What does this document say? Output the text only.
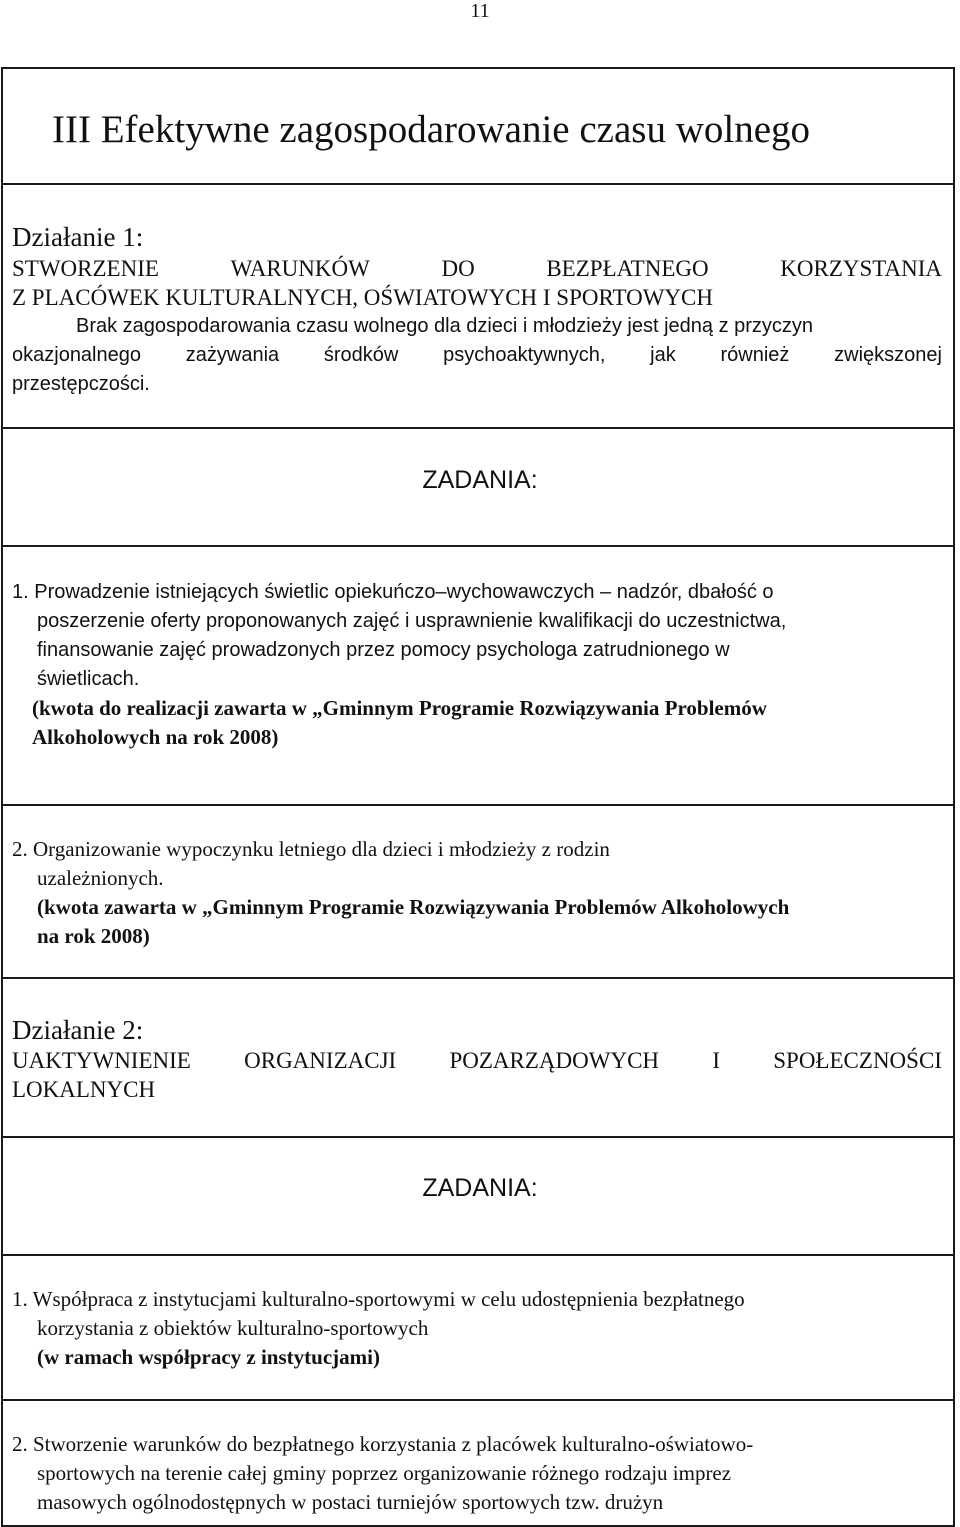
11
III Efektywne zagospodarowanie czasu wolnego
Działanie 1:
STWORZENIE	WARUNKÓW	DO	BEZPŁATNEGO	KORZYSTANIA
Z PLACÓWEK KULTURALNYCH, OŚWIATOWYCH I SPORTOWYCH
Brak zagospodarowania czasu wolnego dla dzieci i młodzieży jest jedną z przyczyn
okazjonalnego zażywania środków psychoaktywnych, jak również zwiększonej
przestępczości.
ZADANIA:
1. Prowadzenie istniejących świetlic opiekuńczo–wychowawczych – nadzór, dbałość o
poszerzenie oferty proponowanych zajęć i usprawnienie kwalifikacji do uczestnictwa,
finansowanie zajęć prowadzonych przez pomocy psychologa zatrudnionego w
świetlicach.
(kwota do realizacji zawarta w „Gminnym Programie Rozwiązywania Problemów
Alkoholowych na rok 2008)
2. Organizowanie wypoczynku letniego dla dzieci i młodzieży z rodzin
uzależnionych.
(kwota zawarta w „Gminnym Programie Rozwiązywania Problemów Alkoholowych
na rok 2008)
Działanie 2:
UAKTYWNIENIE ORGANIZACJI POZARZĄDOWYCH I SPOŁECZNOŚCI
LOKALNYCH
ZADANIA:
1. Współpraca z instytucjami kulturalno-sportowymi w celu udostępnienia bezpłatnego
korzystania z obiektów kulturalno-sportowych
(w ramach współpracy z instytucjami)
2. Stworzenie warunków do bezpłatnego korzystania z placówek kulturalno-oświatowo-
sportowych na terenie całej gminy poprzez organizowanie różnego rodzaju imprez
masowych ogólnodostępnych w postaci turniejów sportowych tzw. drużyn
